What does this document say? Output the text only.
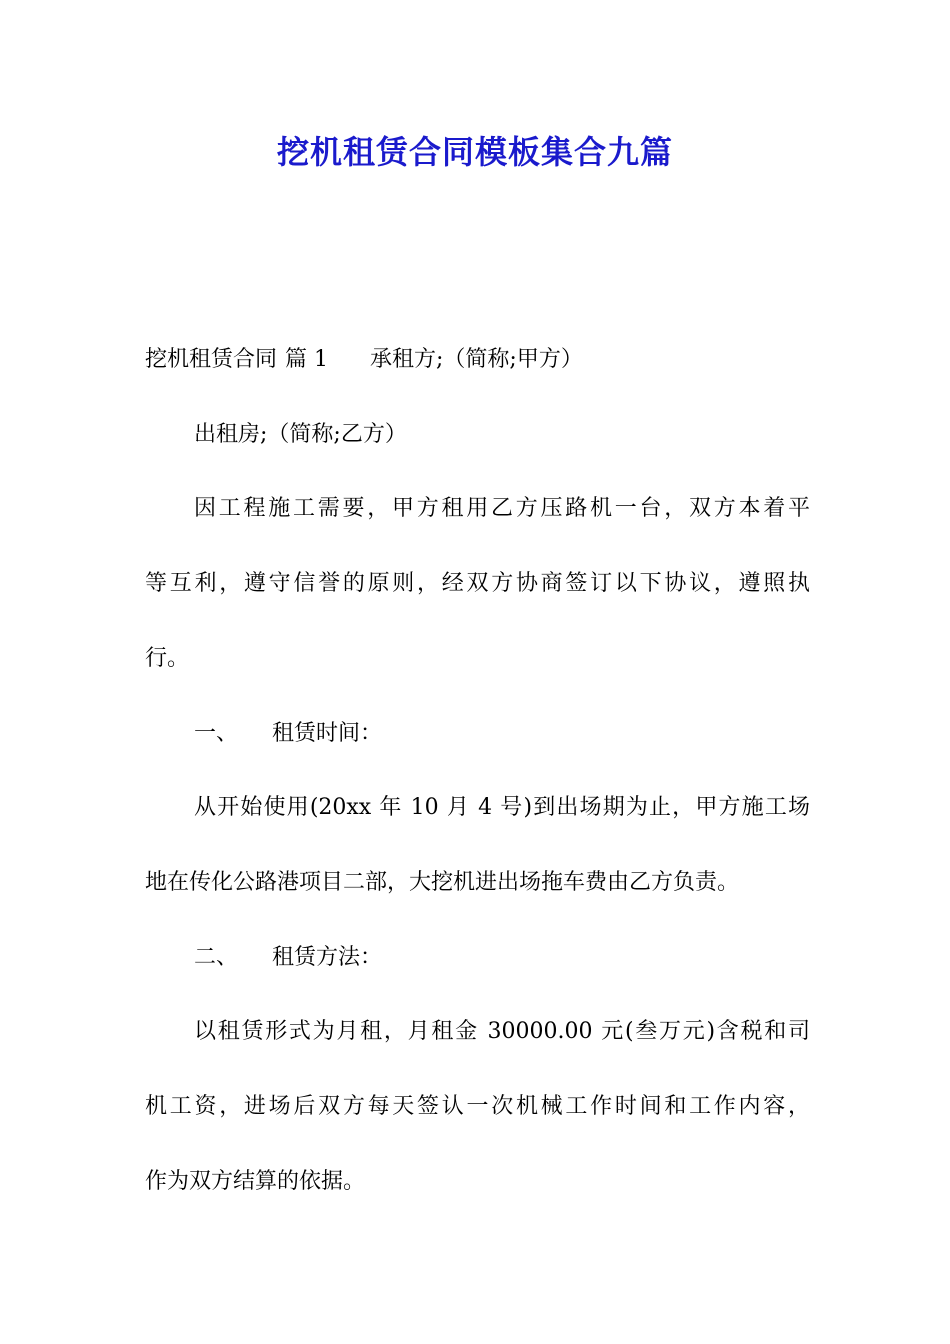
挖机租赁合同模板集合九篇

挖机租赁合同 篇 1 承租方;（简称;甲方）

出租房;（简称;乙方）

因工程施工需要，甲方租用乙方压路机一台，双方本着平

等互利，遵守信誉的原则，经双方协商签订以下协议，遵照执

行。

一、 租赁时间：

从开始使用(20xx 年 10 月 4 号)到出场期为止，甲方施工场

地在传化公路港项目二部，大挖机进出场拖车费由乙方负责。

二、 租赁方法：

以租赁形式为月租，月租金 30000.00 元(叁万元)含税和司

机工资，进场后双方每天签认一次机械工作时间和工作内容，

作为双方结算的依据。
